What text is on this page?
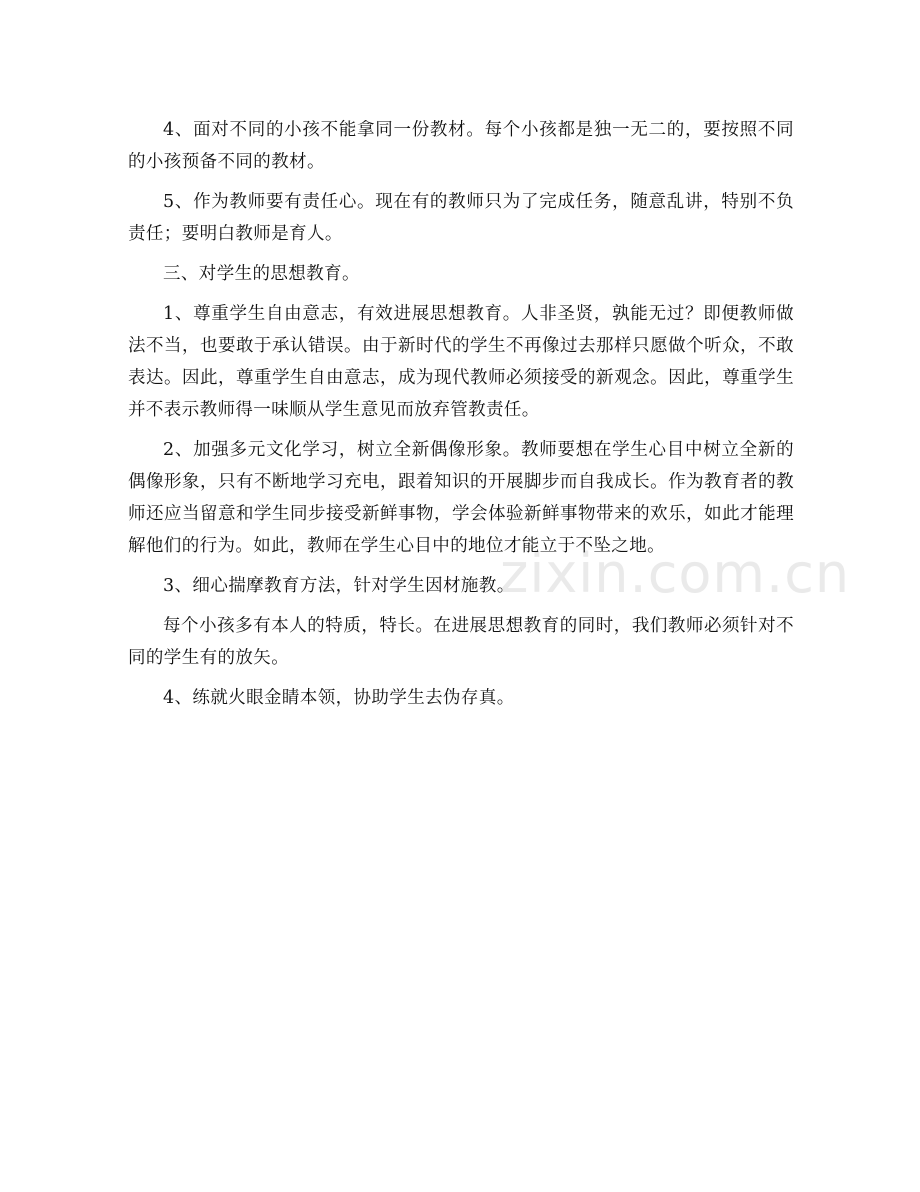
zixin.com.cn

4、面对不同的小孩不能拿同一份教材。每个小孩都是独一无二的，要按照不同的小孩预备不同的教材。

5、作为教师要有责任心。现在有的教师只为了完成任务，随意乱讲，特别不负责任；要明白教师是育人。

三、对学生的思想教育。

1、尊重学生自由意志，有效进展思想教育。人非圣贤，孰能无过？即便教师做法不当，也要敢于承认错误。由于新时代的学生不再像过去那样只愿做个听众，不敢表达。因此，尊重学生自由意志，成为现代教师必须接受的新观念。因此，尊重学生并不表示教师得一味顺从学生意见而放弃管教责任。

2、加强多元文化学习，树立全新偶像形象。教师要想在学生心目中树立全新的偶像形象，只有不断地学习充电，跟着知识的开展脚步而自我成长。作为教育者的教师还应当留意和学生同步接受新鲜事物，学会体验新鲜事物带来的欢乐，如此才能理解他们的行为。如此，教师在学生心目中的地位才能立于不坠之地。

3、细心揣摩教育方法，针对学生因材施教。

每个小孩多有本人的特质，特长。在进展思想教育的同时，我们教师必须针对不同的学生有的放矢。

4、练就火眼金睛本领，协助学生去伪存真。
